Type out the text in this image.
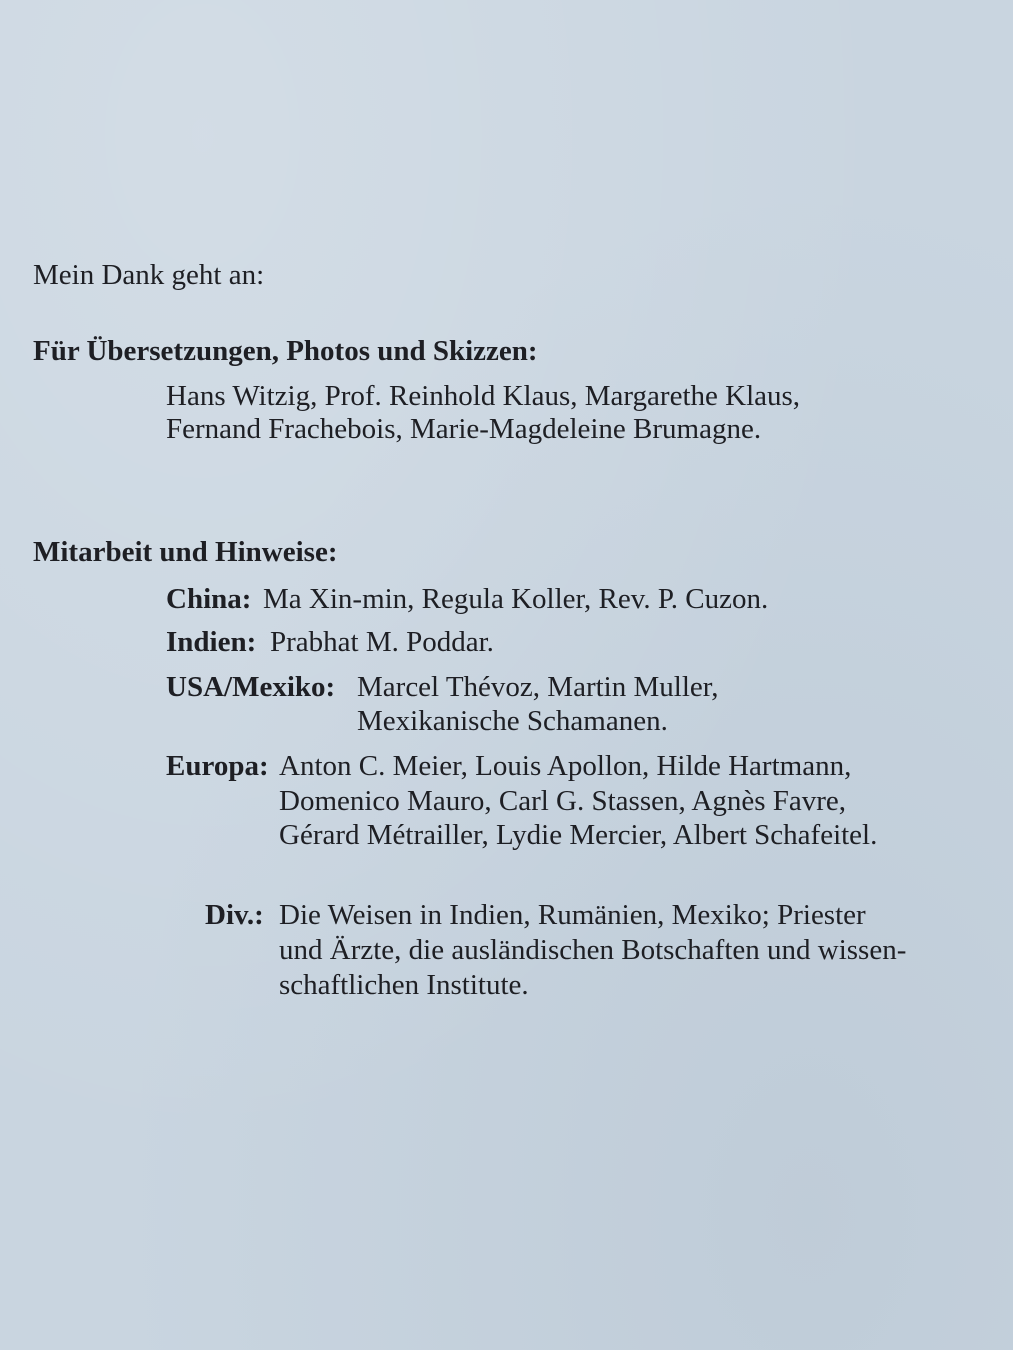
Mein Dank geht an:
Für Übersetzungen, Photos und Skizzen:
Hans Witzig, Prof. Reinhold Klaus, Margarethe Klaus,
Fernand Frachebois, Marie-Magdeleine Brumagne.
Mitarbeit und Hinweise:
China: Ma Xin-min, Regula Koller, Rev. P. Cuzon.
Indien: Prabhat M. Poddar.
USA/Mexiko: Marcel Thévoz, Martin Muller,
Mexikanische Schamanen.
Europa: Anton C. Meier, Louis Apollon, Hilde Hartmann,
Domenico Mauro, Carl G. Stassen, Agnès Favre,
Gérard Métrailler, Lydie Mercier, Albert Schafeitel.
Div.: Die Weisen in Indien, Rumänien, Mexiko; Priester
und Ärzte, die ausländischen Botschaften und wissen-
schaftlichen Institute.
